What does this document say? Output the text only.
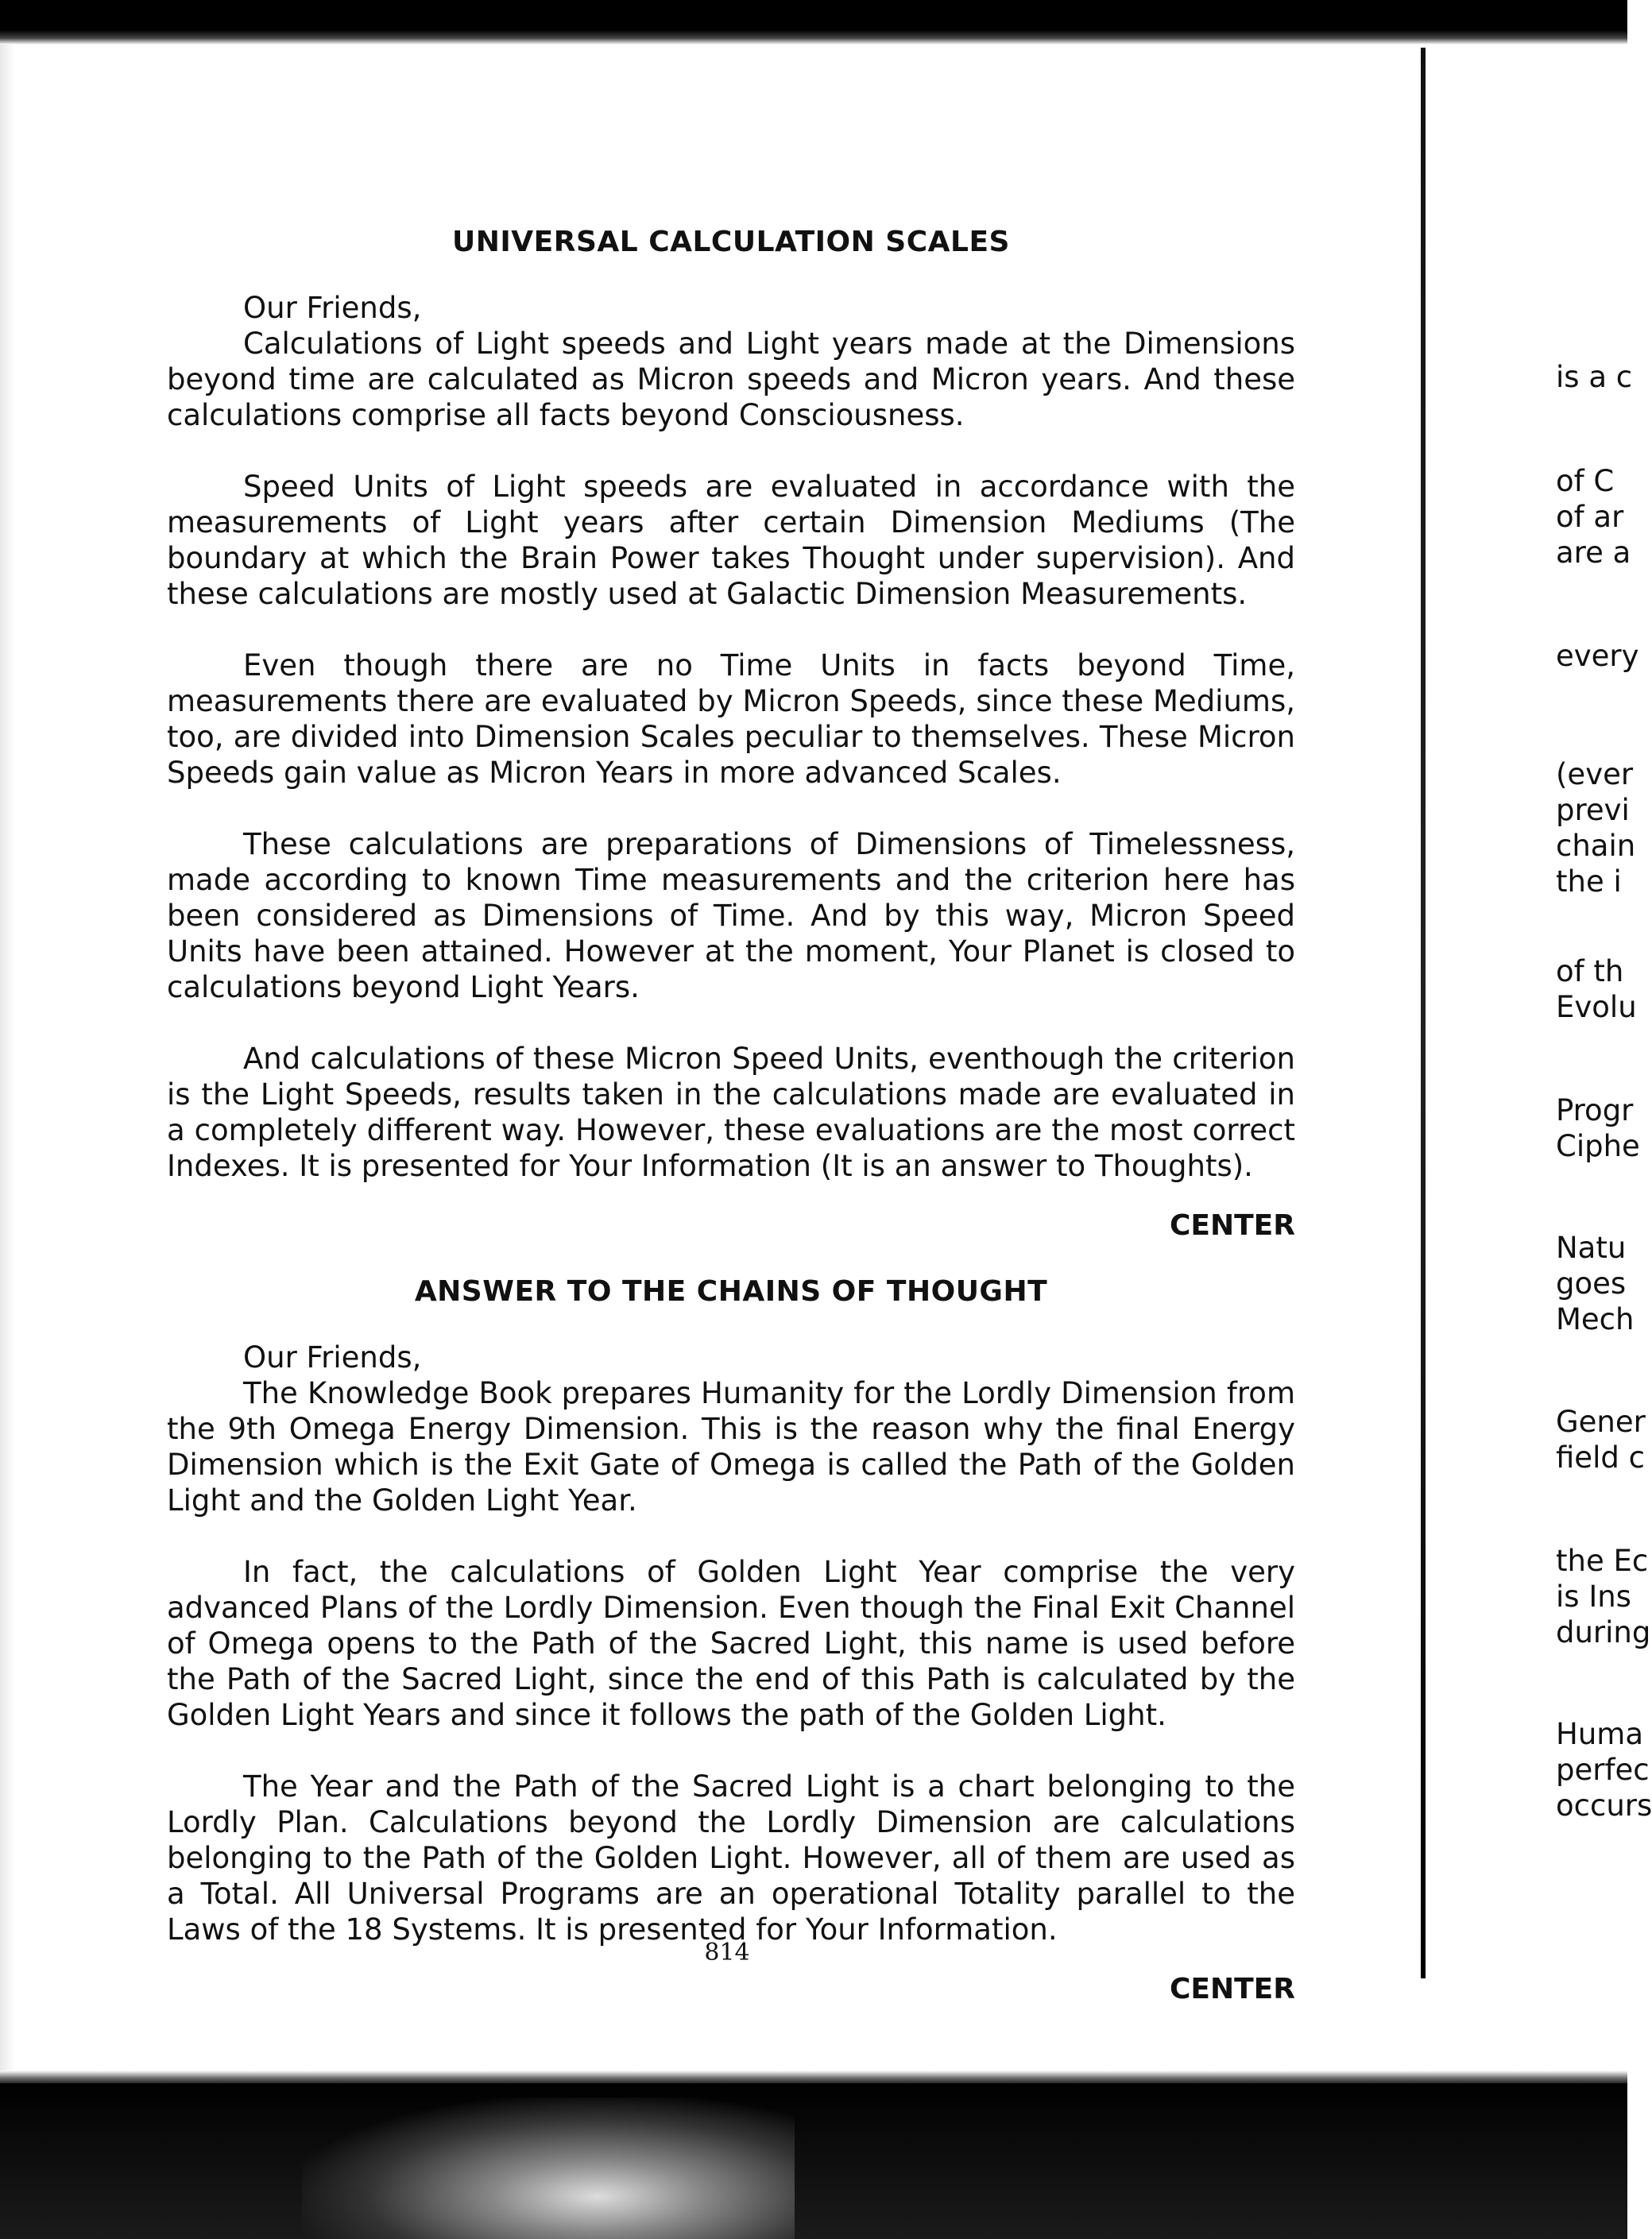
UNIVERSAL CALCULATION SCALES

Our Friends,

Calculations of Light speeds and Light years made at the Dimensions beyond time are calculated as Micron speeds and Micron years. And these calculations comprise all facts beyond Consciousness.

Speed Units of Light speeds are evaluated in accordance with the measurements of Light years after certain Dimension Mediums (The boundary at which the Brain Power takes Thought under supervision). And these calculations are mostly used at Galactic Dimension Measurements.

Even though there are no Time Units in facts beyond Time, measurements there are evaluated by Micron Speeds, since these Mediums, too, are divided into Dimension Scales peculiar to themselves. These Micron Speeds gain value as Micron Years in more advanced Scales.

These calculations are preparations of Dimensions of Timelessness, made according to known Time measurements and the criterion here has been considered as Dimensions of Time. And by this way, Micron Speed Units have been attained. However at the moment, Your Planet is closed to calculations beyond Light Years.

And calculations of these Micron Speed Units, eventhough the criterion is the Light Speeds, results taken in the calculations made are evaluated in a completely different way. However, these evaluations are the most correct Indexes. It is presented for Your Information (It is an answer to Thoughts).

CENTER

ANSWER TO THE CHAINS OF THOUGHT

Our Friends,

The Knowledge Book prepares Humanity for the Lordly Dimension from the 9th Omega Energy Dimension. This is the reason why the final Energy Dimension which is the Exit Gate of Omega is called the Path of the Golden Light and the Golden Light Year.

In fact, the calculations of Golden Light Year comprise the very advanced Plans of the Lordly Dimension. Even though the Final Exit Channel of Omega opens to the Path of the Sacred Light, this name is used before the Path of the Sacred Light, since the end of this Path is calculated by the Golden Light Years and since it follows the path of the Golden Light.

The Year and the Path of the Sacred Light is a chart belonging to the Lordly Plan. Calculations beyond the Lordly Dimension are calculations belonging to the Path of the Golden Light. However, all of them are used as a Total. All Universal Programs are an operational Totality parallel to the Laws of the 18 Systems. It is presented for Your Information.

CENTER

814
is a c
of C
of ar
are a
every
(ever
previ
chain
the i
of th
Evolu
Progr
Ciphe
Natu
goes
Mech
Gener
field c
the Ec
is Ins
during
Huma
perfec
occurs
